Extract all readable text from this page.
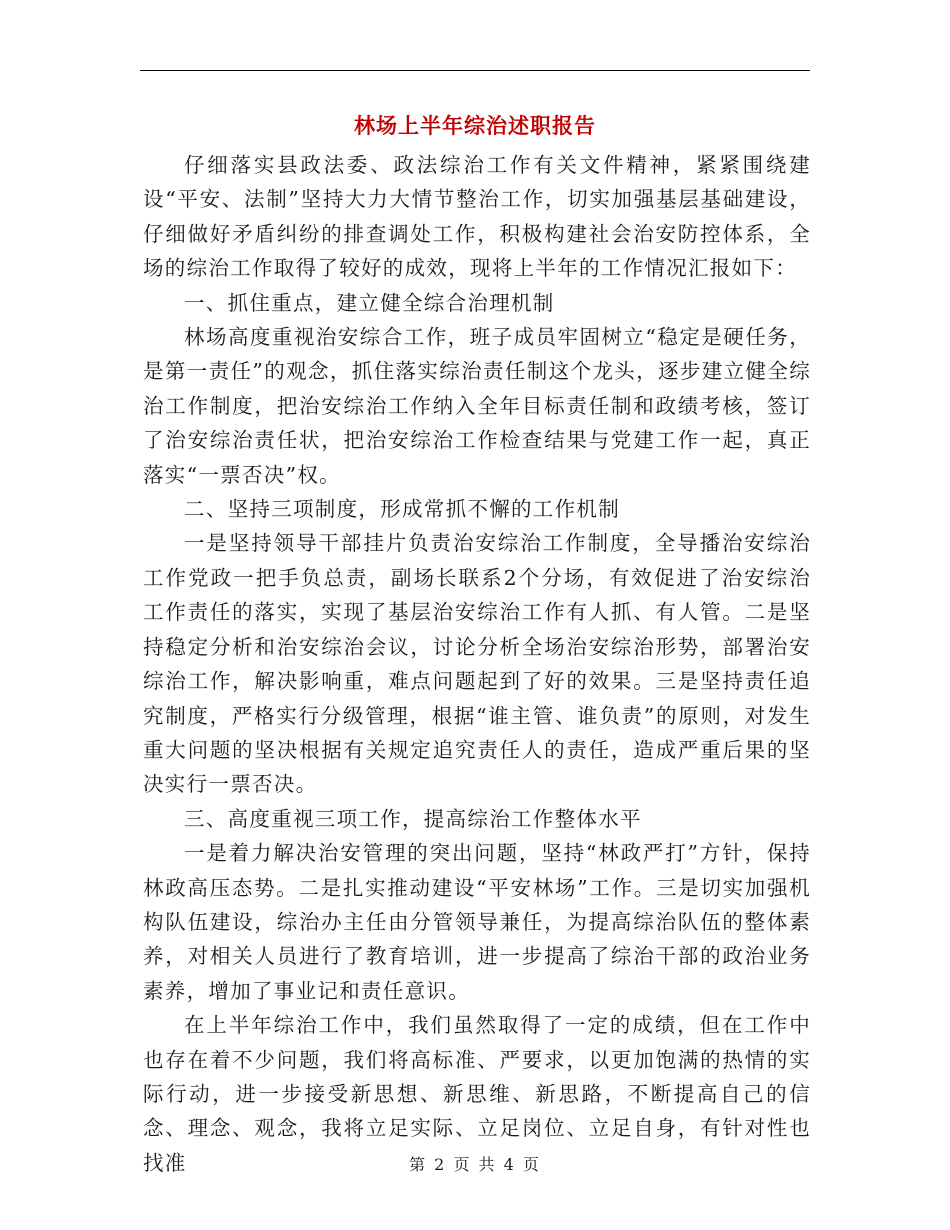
林场上半年综治述职报告

仔细落实县政法委、政法综治工作有关文件精神，紧紧围绕建设“平安、法制”坚持大力大情节整治工作，切实加强基层基础建设，仔细做好矛盾纠纷的排查调处工作，积极构建社会治安防控体系，全场的综治工作取得了较好的成效，现将上半年的工作情况汇报如下：

一、抓住重点，建立健全综合治理机制

林场高度重视治安综合工作，班子成员牢固树立“稳定是硬任务，是第一责任”的观念，抓住落实综治责任制这个龙头，逐步建立健全综治工作制度，把治安综治工作纳入全年目标责任制和政绩考核，签订了治安综治责任状，把治安综治工作检查结果与党建工作一起，真正落实“一票否决”权。

二、坚持三项制度，形成常抓不懈的工作机制

一是坚持领导干部挂片负责治安综治工作制度，全导播治安综治工作党政一把手负总责，副场长联系2个分场，有效促进了治安综治工作责任的落实，实现了基层治安综治工作有人抓、有人管。二是坚持稳定分析和治安综治会议，讨论分析全场治安综治形势，部署治安综治工作，解决影响重，难点问题起到了好的效果。三是坚持责任追究制度，严格实行分级管理，根据“谁主管、谁负责”的原则，对发生重大问题的坚决根据有关规定追究责任人的责任，造成严重后果的坚决实行一票否决。

三、高度重视三项工作，提高综治工作整体水平

一是着力解决治安管理的突出问题，坚持“林政严打”方针，保持林政高压态势。二是扎实推动建设“平安林场”工作。三是切实加强机构队伍建设，综治办主任由分管领导兼任，为提高综治队伍的整体素养，对相关人员进行了教育培训，进一步提高了综治干部的政治业务素养，增加了事业记和责任意识。

在上半年综治工作中，我们虽然取得了一定的成绩，但在工作中也存在着不少问题，我们将高标准、严要求，以更加饱满的热情的实际行动，进一步接受新思想、新思维、新思路，不断提高自己的信念、理念、观念，我将立足实际、立足岗位、立足自身，有针对性也找准	第 2 页 共 4 页
